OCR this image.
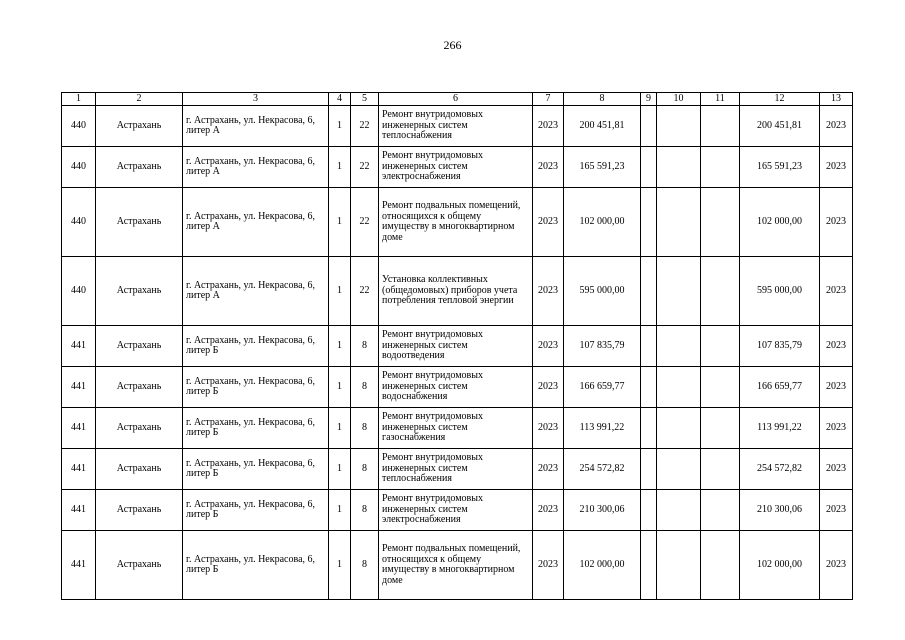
266
1	2	3	4	5	6	7	8	9	10	11	12	13
440	Астрахань	г. Астрахань, ул. Некрасова, 6, литер А	1	22	Ремонт внутридомовых инженерных систем теплоснабжения	2023	200 451,81				200 451,81	2023
440	Астрахань	г. Астрахань, ул. Некрасова, 6, литер А	1	22	Ремонт внутридомовых инженерных систем электроснабжения	2023	165 591,23				165 591,23	2023
440	Астрахань	г. Астрахань, ул. Некрасова, 6, литер А	1	22	Ремонт подвальных помещений, относящихся к общему имуществу в многоквартирном доме	2023	102 000,00				102 000,00	2023
440	Астрахань	г. Астрахань, ул. Некрасова, 6, литер А	1	22	Установка коллективных (общедомовых) приборов учета потребления тепловой энергии	2023	595 000,00				595 000,00	2023
441	Астрахань	г. Астрахань, ул. Некрасова, 6, литер Б	1	8	Ремонт внутридомовых инженерных систем водоотведения	2023	107 835,79				107 835,79	2023
441	Астрахань	г. Астрахань, ул. Некрасова, 6, литер Б	1	8	Ремонт внутридомовых инженерных систем водоснабжения	2023	166 659,77				166 659,77	2023
441	Астрахань	г. Астрахань, ул. Некрасова, 6, литер Б	1	8	Ремонт внутридомовых инженерных систем газоснабжения	2023	113 991,22				113 991,22	2023
441	Астрахань	г. Астрахань, ул. Некрасова, 6, литер Б	1	8	Ремонт внутридомовых инженерных систем теплоснабжения	2023	254 572,82				254 572,82	2023
441	Астрахань	г. Астрахань, ул. Некрасова, 6, литер Б	1	8	Ремонт внутридомовых инженерных систем электроснабжения	2023	210 300,06				210 300,06	2023
441	Астрахань	г. Астрахань, ул. Некрасова, 6, литер Б	1	8	Ремонт подвальных помещений, относящихся к общему имуществу в многоквартирном доме	2023	102 000,00				102 000,00	2023
